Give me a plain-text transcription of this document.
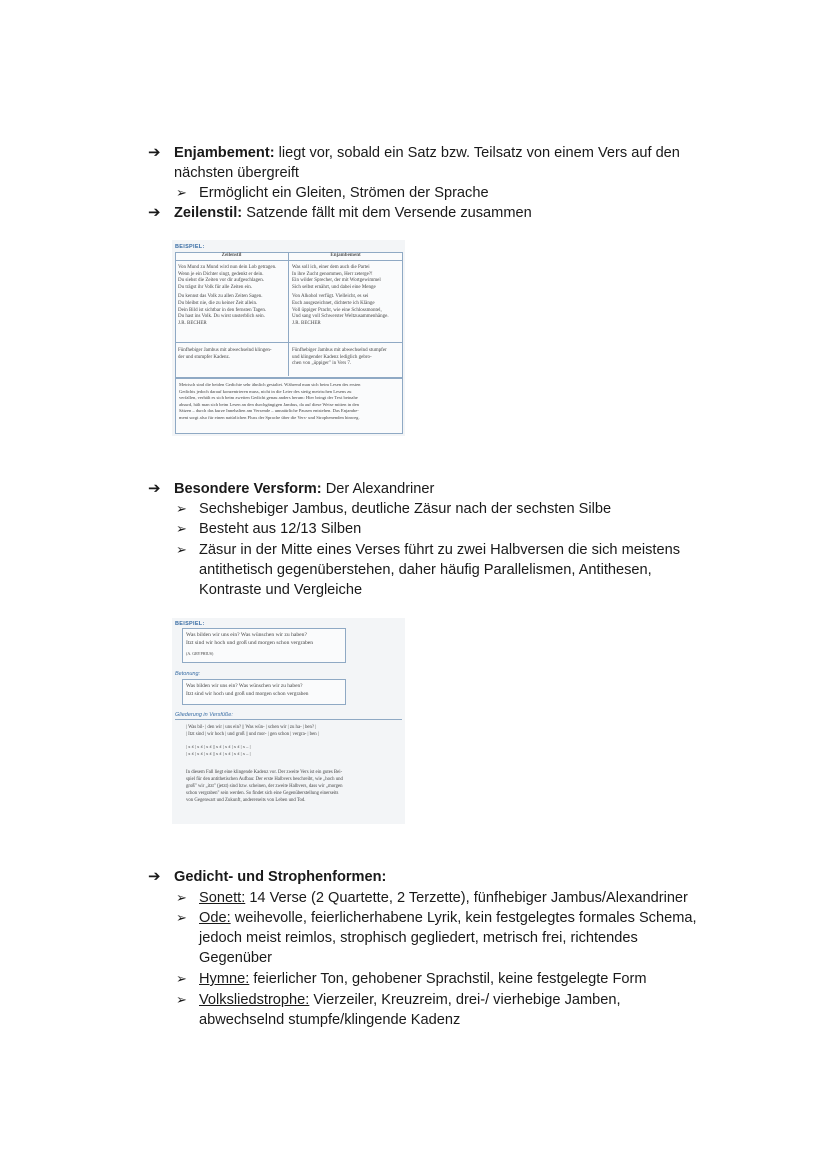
➔ Enjambement: liegt vor, sobald ein Satz bzw. Teilsatz von einem Vers auf den
nächsten übergreift
➢ Ermöglicht ein Gleiten, Strömen der Sprache
➔ Zeilenstil: Satzende fällt mit dem Versende zusammen
BEISPIEL:
Zeilenstil	Enjambement
Von Mund zu Mund wird nun dein Lob getragen.
Wenn je ein Dichter singt, gedenkt er dein.
Du siehst die Zeiten vor dir aufgeschlagen.
Du trägst ihr Volk für alle Zeiten ein.
Du kennst das Volk zu allen Zeiten Sagen.
Du bleibst nie, die zu keiner Zeit allein.
Dein Bild ist sichtbar in den fernsten Tagen.
Du hast ins Volk. Du wirst unsterblich sein.
J.R. BECHER
Was soll ich, einer dem auch die Partei
In ihre Zucht genommen, Herr zeterge?!
Ein wilder Sprecher, der mit Wortgewimmel
Sich selbst ernährt, und dabei eine Menge
Von Alkohol verfügt. Vielleicht, es sei
Euch ausgezeichnet, dichterte ich Klänge
Voll üppiger Pracht, wie eine Schlossmontel,
Und sang voll Schwerster Weltzusammenhänge.
J.R. BECHER
Fünfhebiger Jambus mit abwechselnd klingen-
der und stumpfer Kadenz.
Fünfhebiger Jambus mit abwechselnd stumpfer
und klingender Kadenz lediglich gebro-
chen von „üppiger" in Vers 7.
Metrisch sind die beiden Gedichte sehr ähnlich gestaltet. Während man sich beim Lesen des ersten
Gedichts jedoch darauf konzentrieren muss, nicht in die Leier des stetig metrischen Lesens zu
verfallen, verhält es sich beim zweiten Gedicht genau anders herum: Hier bringt der Text beinahe
absurd, hält man sich beim Lesen an den durchgängigen Jambus, da auf diese Weise mitten in den
Sätzen – durch das kurze Innehalten am Versende – unnatürliche Pausen entstehen. Das Enjambe-
ment sorgt also für einen natürlichen Fluss der Sprache über die Vers- und Strophenenden hinweg.
➔ Besondere Versform: Der Alexandriner
➢ Sechshebiger Jambus, deutliche Zäsur nach der sechsten Silbe
➢ Besteht aus 12/13 Silben
➢ Zäsur in der Mitte eines Verses führt zu zwei Halbversen die sich meistens
antithetisch gegenüberstehen, daher häufig Parallelismen, Antithesen,
Kontraste und Vergleiche
BEISPIEL:
Was bilden wir uns ein? Was wünschen wir zu haben?
Itzt sind wir hoch und groß und morgen schon vergraben
(A. GRYPHIUS)
Betonung:
Was bilden wir uns ein? Was wünschen wir zu haben?
Itzt sind wir hoch und groß und morgen schon vergraben
Gliederung in Versfüße:
| Was bil- | den wir | uns ein? || Was wün- | schen wir | zu ha- | ben? |
| Itzt sind | wir hoch | und groß || und mor- | gen schon | vergra- | ben |
| x x́ | x x́ | x x́ || x x́ | x x́ | x x́ | x – |
| x x́ | x x́ | x x́ || x x́ | x x́ | x x́ | x – |
In diesem Fall liegt eine klingende Kadenz vor. Der zweite Vers ist ein gutes Bei-
spiel für den antithetischen Aufbau: Der erste Halbvers beschreibt, wie „hoch und
groß" wir „itzt" (jetzt) sind bzw. scheinen, der zweite Halbvers, dass wir „morgen
schon vergraben" sein werden. So findet sich eine Gegenüberstellung einerseits
von Gegenwart und Zukunft, andererseits von Leben und Tod.
➔ Gedicht- und Strophenformen:
➢ Sonett: 14 Verse (2 Quartette, 2 Terzette), fünfhebiger Jambus/Alexandriner
➢ Ode: weihevolle, feierlicherhabene Lyrik, kein festgelegtes formales Schema,
jedoch meist reimlos, strophisch gegliedert, metrisch frei, richtendes
Gegenüber
➢ Hymne: feierlicher Ton, gehobener Sprachstil, keine festgelegte Form
➢ Volksliedstrophe: Vierzeiler, Kreuzreim, drei-/ vierhebige Jamben,
abwechselnd stumpfe/klingende Kadenz
